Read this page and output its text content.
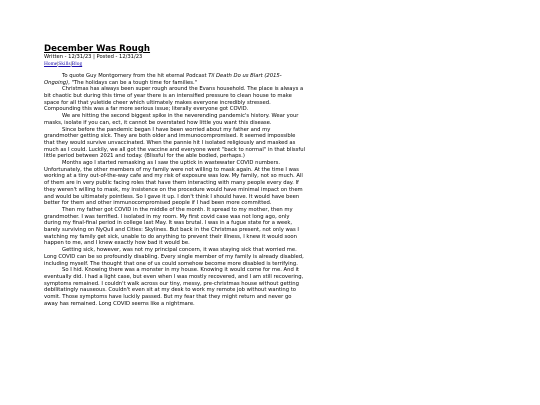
December Was Rough
Written - 12/31/23 | Posted - 12/31/23
Home|Skills|Blog

To quote Guy Montgomery from the hit eternal Podcast Til Death Do us Blart (2015-Ongoing), "The holidays can be a tough time for families."

Christmas has always been super rough around the Evans household. The place is always a bit chaotic but during this time of year there is an intensified pressure to clean house to make space for all that yuletide cheer which ultimately makes everyone incredibly stressed. Compounding this was a far more serious issue; literally everyone got COVID.

We are hitting the second biggest spike in the neverending pandemic's history. Wear your masks, isolate if you can, ect, it cannot be overstated how little you want this disease.

Since before the pandemic began I have been worried about my father and my grandmother getting sick. They are both older and immunocompromised. It seemed impossible that they would survive unvaccinated. When the pannie hit I isolated religiously and masked as much as I could. Luckily, we all got the vaccine and everyone went "back to normal" in that blissful little period between 2021 and today. (Blissful for the able bodied, perhaps.)

Months ago I started remasking as I saw the uptick in wastewater COVID numbers. Unfortunately, the other members of my family were not willing to mask again. At the time I was working at a tiny out-of-the-way cafe and my risk of exposure was low. My family, not so much. All of them are in very public facing roles that have them interacting with many people every day. If they weren't willing to mask, my insistence on the procedure would have minimal impact on them and would be ultimately pointless. So I gave it up. I don't think I should have. It would have been better for them and other immunocompromised people if I had been more committed.

Then my father got COVID in the middle of the month. It spread to my mother, then my grandmother. I was terrified. I isolated in my room. My first covid case was not long ago, only during my final-final period in college last May. It was brutal. I was in a fugue state for a week, barely surviving on NyQuil and Cities: Skylines. But back in the Christmas present, not only was I watching my family get sick, unable to do anything to prevent their illness, I knew it would soon happen to me, and I knew exactly how bad it would be.

Getting sick, however, was not my principal concern, it was staying sick that worried me. Long COVID can be so profoundly disabling. Every single member of my family is already disabled, including myself. The thought that one of us could somehow become more disabled is terrifying.

So I hid. Knowing there was a monster in my house. Knowing it would come for me. And it eventually did. I had a light case, but even when I was mostly recovered, and I am still recovering, symptoms remained. I couldn't walk across our tiny, messy, pre-christmas house without getting debilitatingly nauseous. Couldn't even sit at my desk to work my remote job without wanting to vomit. Those symptoms have luckily passed. But my fear that they might return and never go away has remained. Long COVID seems like a nightmare.
